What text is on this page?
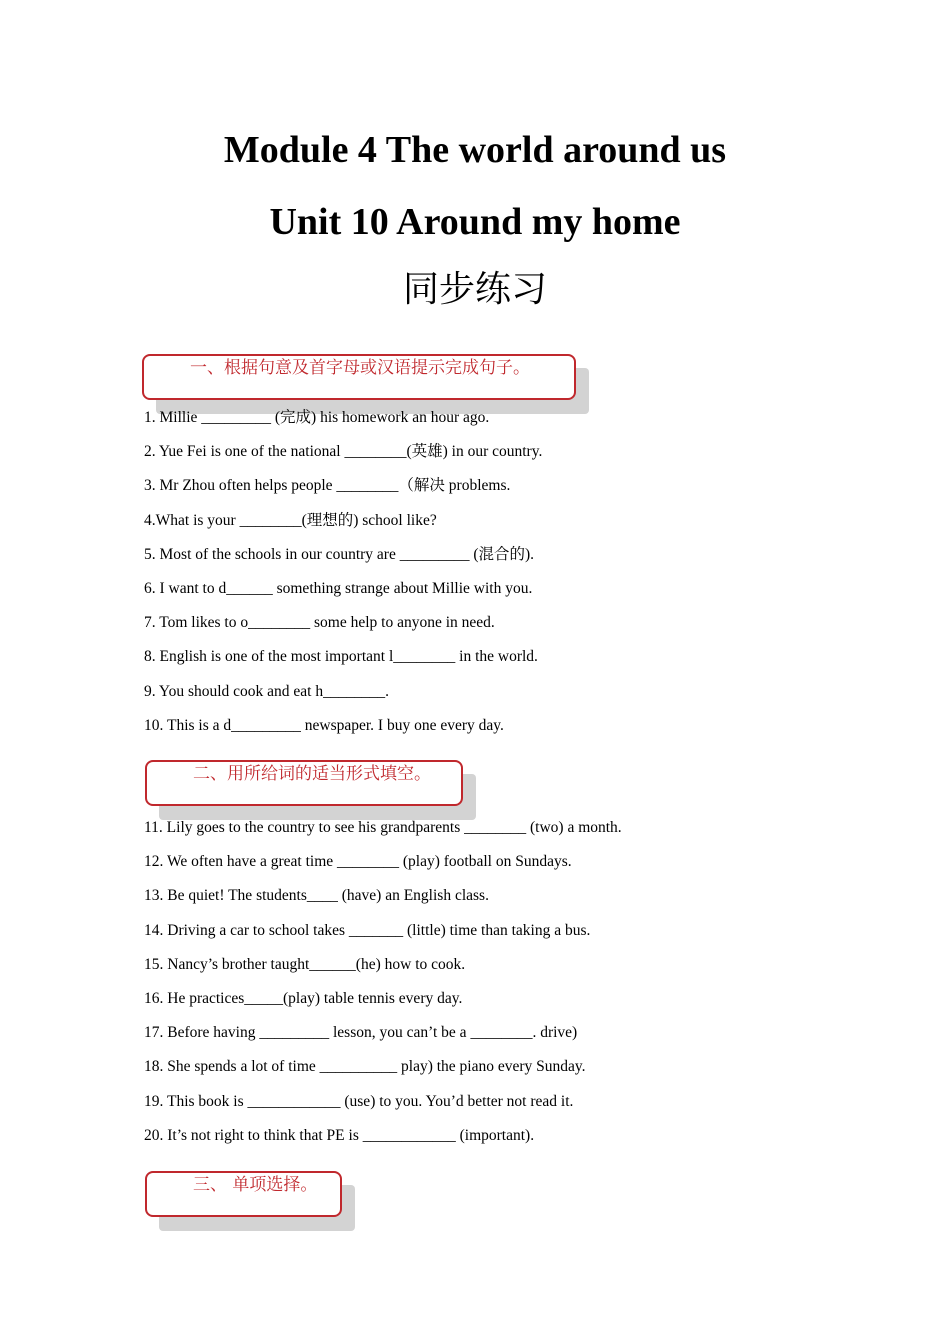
Module 4 The world around us
Unit 10 Around my home
同步练习
一、根据句意及首字母或汉语提示完成句子。
1. Millie _________ (完成) his homework an hour ago.
2. Yue Fei is one of the national ________(英雄) in our country.
3. Mr Zhou often helps people ________（解决 problems.
4.What is your ________(理想的) school like?
5. Most of the schools in our country are _________ (混合的).
6. I want to d______ something strange about Millie with you.
7. Tom likes to o________ some help to anyone in need.
8. English is one of the most important l________ in the world.
9. You should cook and eat h________.
10. This is a d_________ newspaper. I buy one every day.
二、用所给词的适当形式填空。
11. Lily goes to the country to see his grandparents ________ (two) a month.
12. We often have a great time ________ (play) football on Sundays.
13. Be quiet! The students____ (have) an English class.
14. Driving a car to school takes _______ (little) time than taking a bus.
15. Nancy’s brother taught______(he) how to cook.
16. He practices_____(play) table tennis every day.
17. Before having _________ lesson, you can’t be a ________. drive)
18. She spends a lot of time __________ play) the piano every Sunday.
19. This book is ____________ (use) to you. You’d better not read it.
20. It’s not right to think that PE is ____________ (important).
三、 单项选择。
